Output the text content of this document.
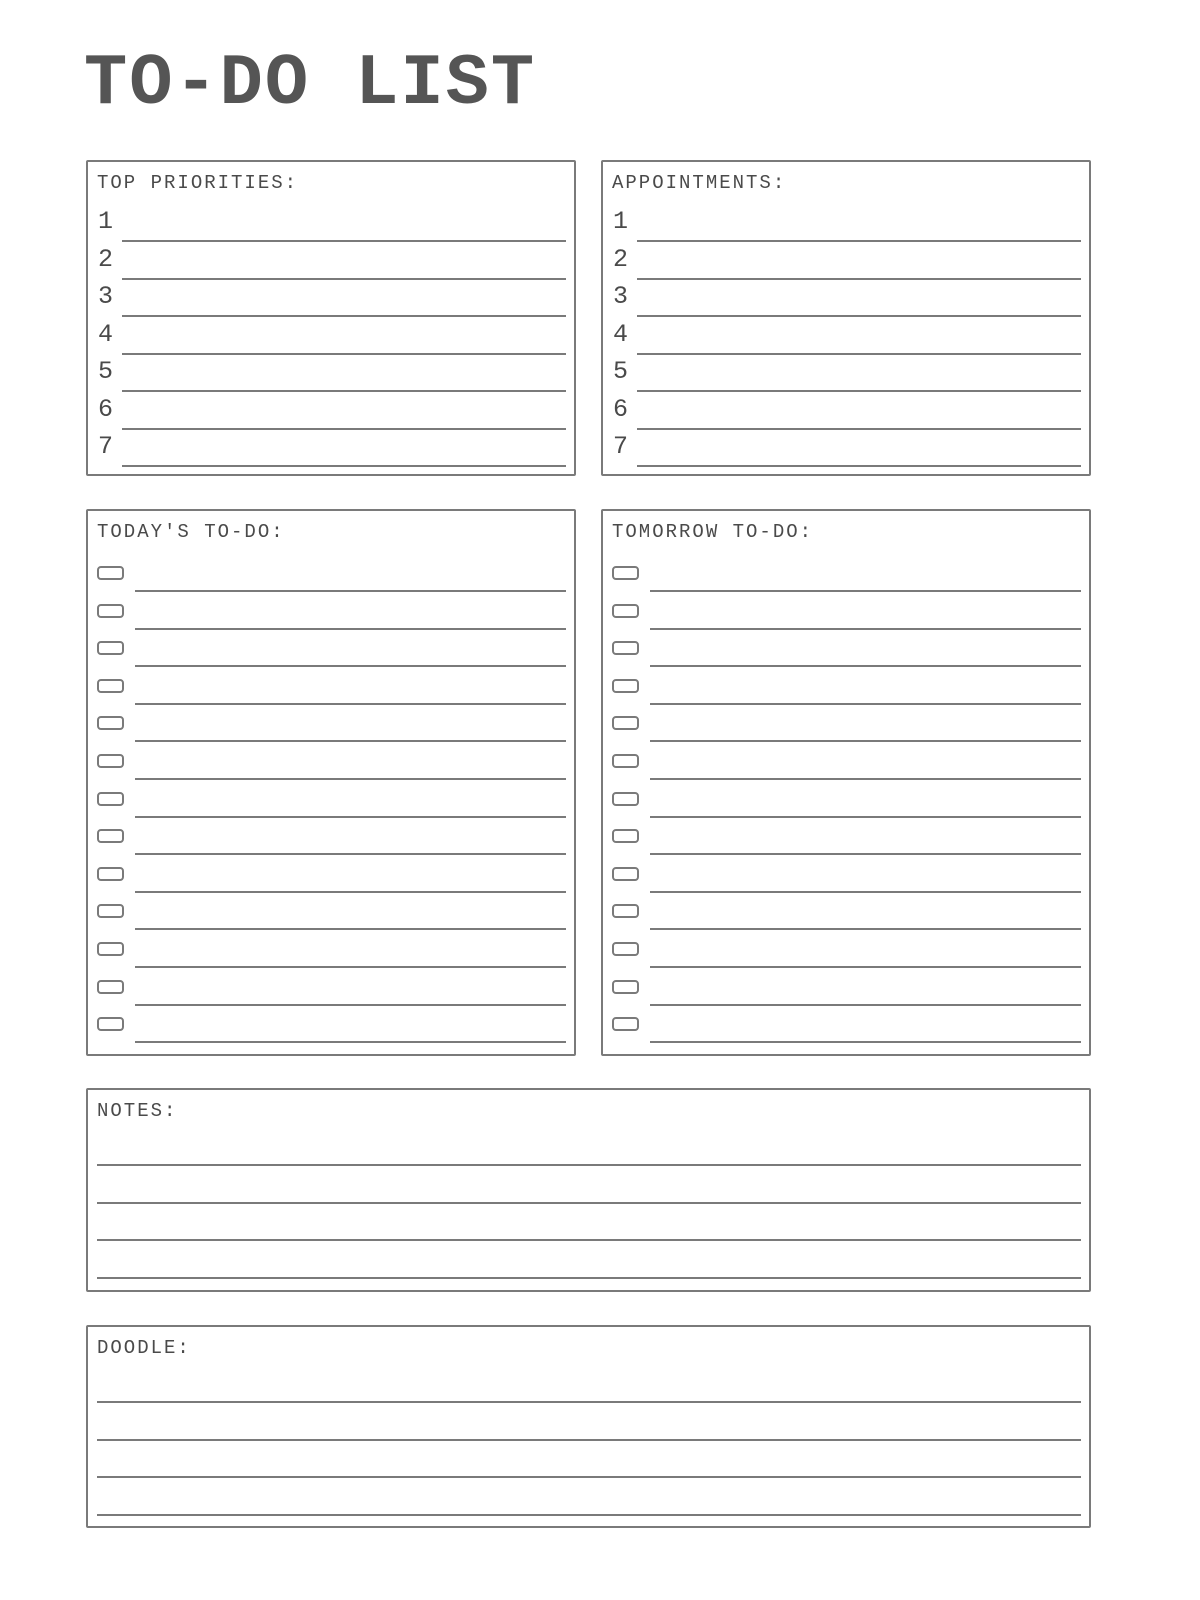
TO-DO LIST
TOP PRIORITIES:
1
2
3
4
5
6
7
APPOINTMENTS:
1
2
3
4
5
6
7
TODAY'S TO-DO:	TOMORROW TO-DO:
NOTES:
DOODLE:
